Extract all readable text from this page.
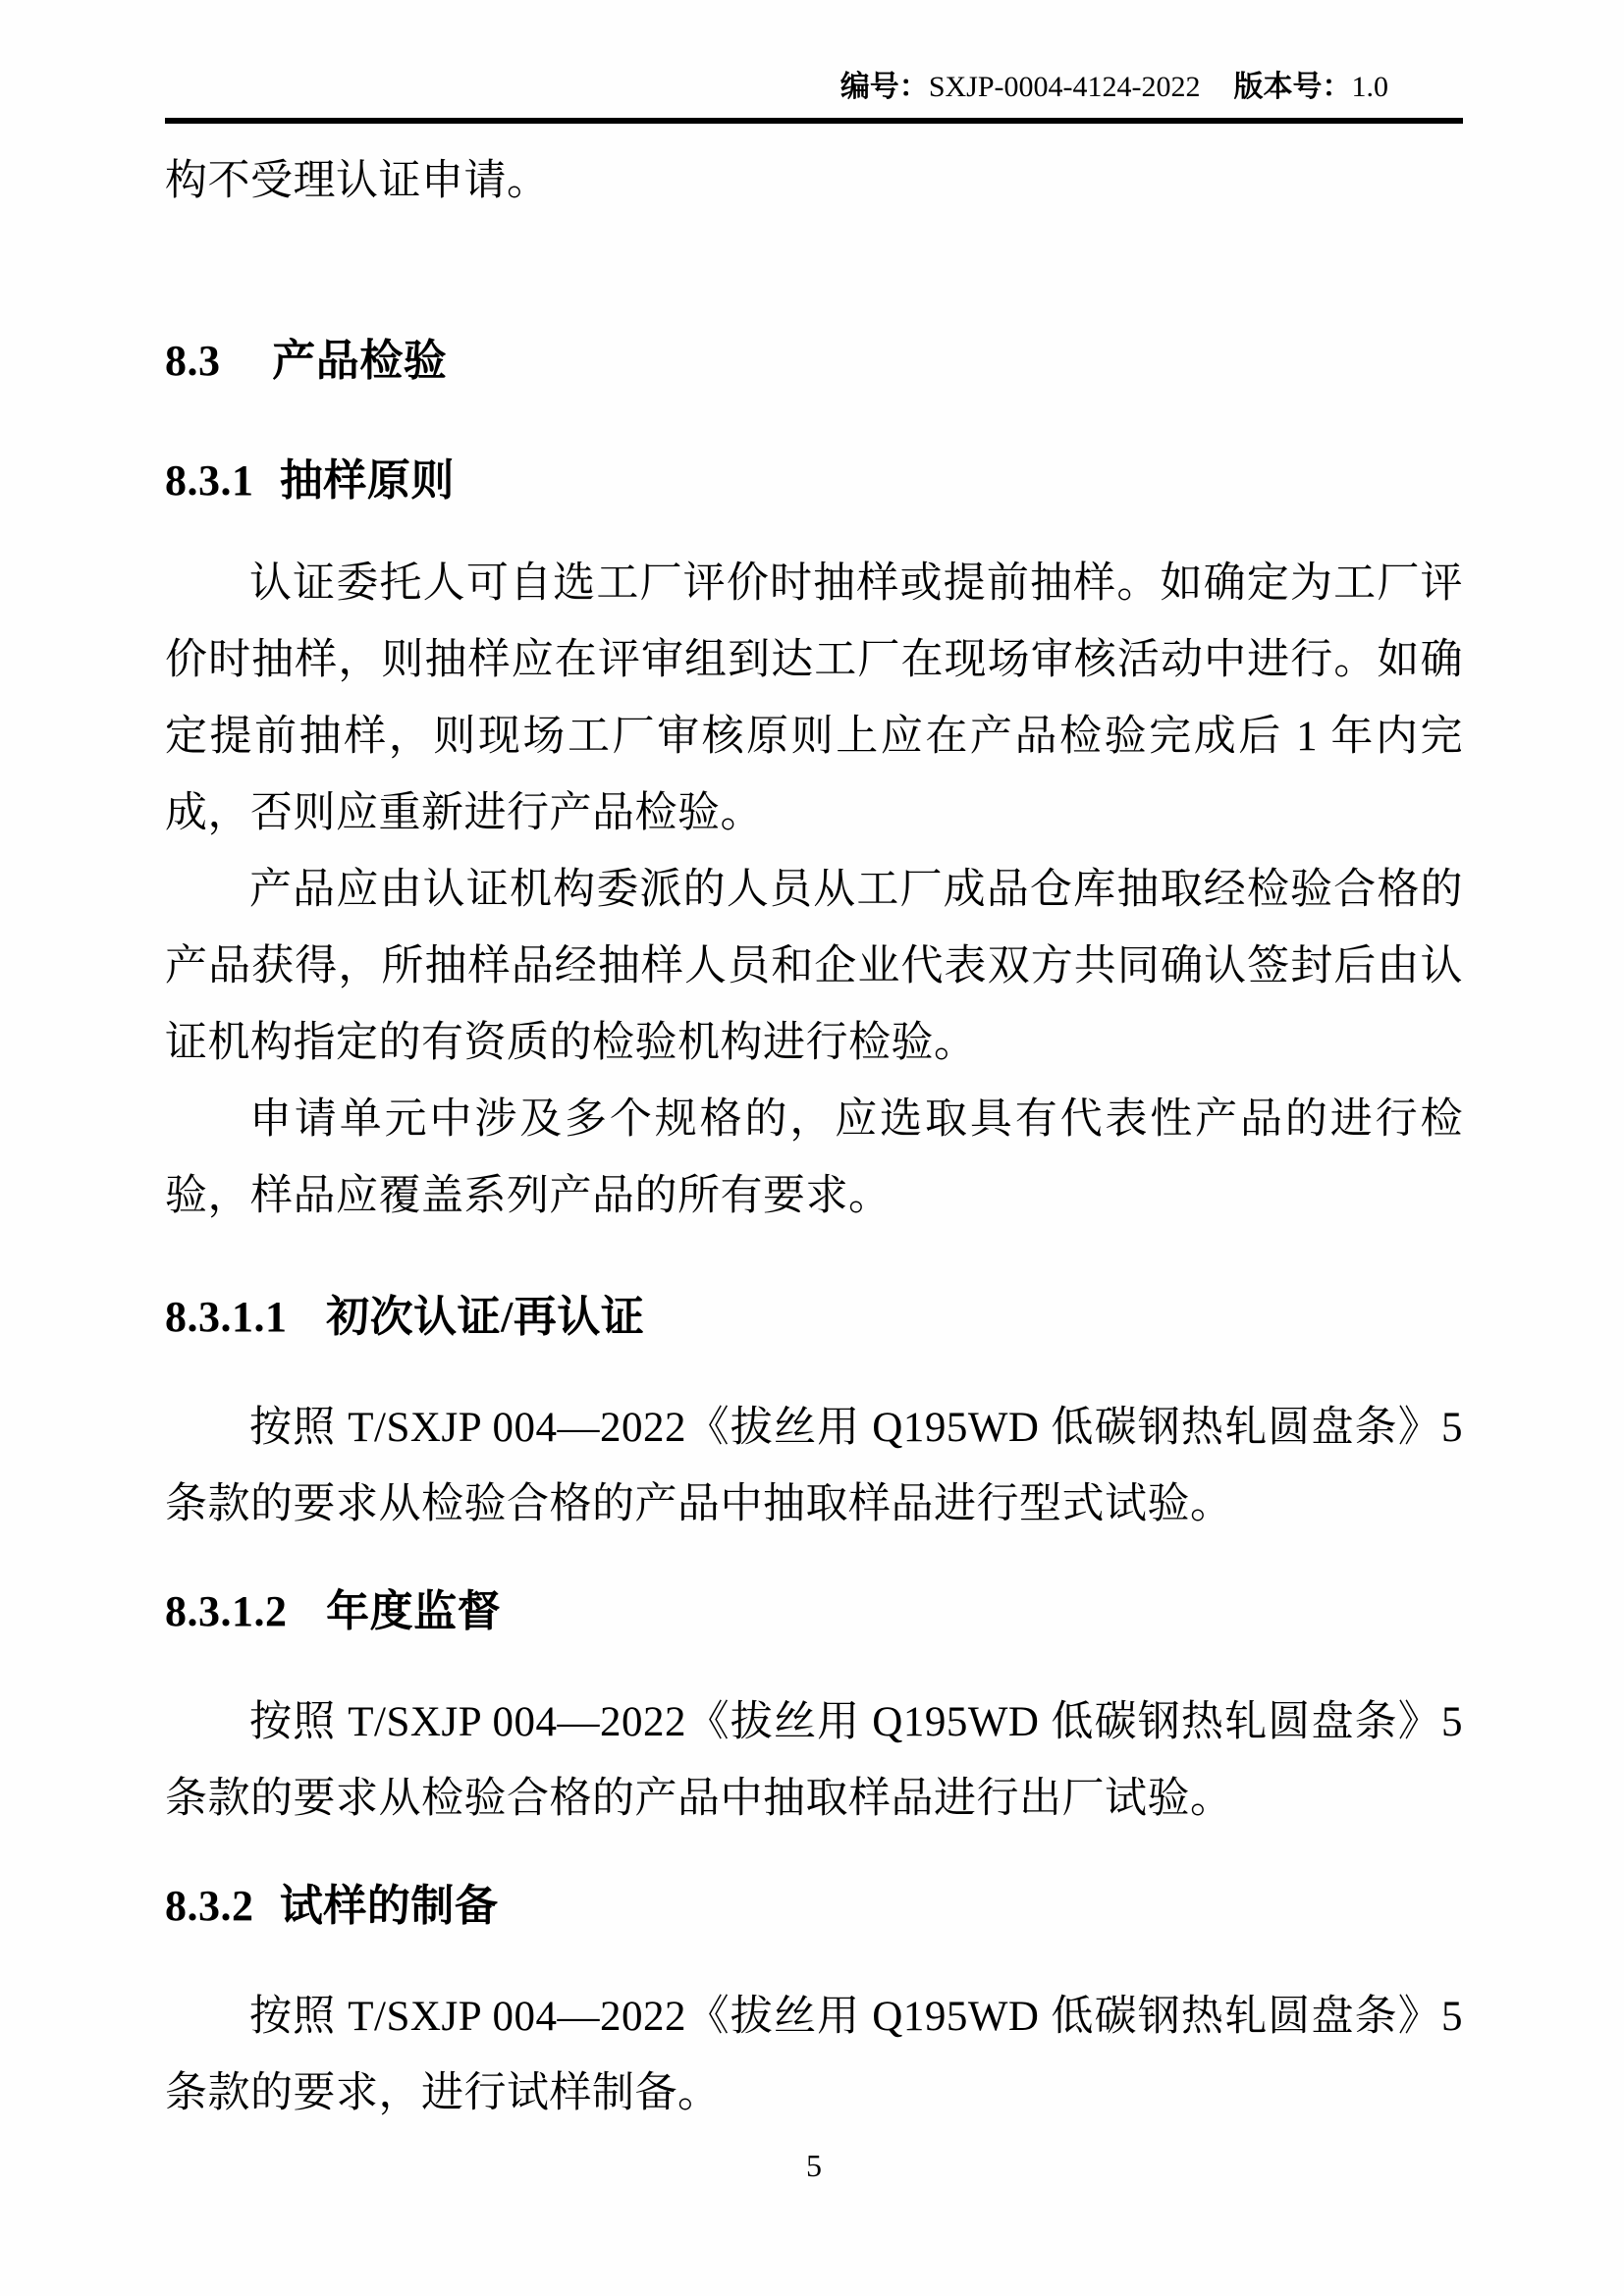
编号： SXJP-0004-4124-2022 版本号： 1.0

构不受理认证申请。

8.3 产品检验
8.3.1 抽样原则

认证委托人可自选工厂评价时抽样或提前抽样。如确定为工厂评价时抽样，则抽样应在评审组到达工厂在现场审核活动中进行。如确定提前抽样，则现场工厂审核原则上应在产品检验完成后 1 年内完成，否则应重新进行产品检验。

产品应由认证机构委派的人员从工厂成品仓库抽取经检验合格的产品获得，所抽样品经抽样人员和企业代表双方共同确认签封后由认证机构指定的有资质的检验机构进行检验。

申请单元中涉及多个规格的，应选取具有代表性产品的进行检验，样品应覆盖系列产品的所有要求。

8.3.1.1 初次认证/再认证

按照 T/SXJP 004—2022《拔丝用 Q195WD 低碳钢热轧圆盘条》5 条款的要求从检验合格的产品中抽取样品进行型式试验。

8.3.1.2 年度监督

按照 T/SXJP 004—2022《拔丝用 Q195WD 低碳钢热轧圆盘条》5 条款的要求从检验合格的产品中抽取样品进行出厂试验。

8.3.2 试样的制备

按照 T/SXJP 004—2022《拔丝用 Q195WD 低碳钢热轧圆盘条》5 条款的要求，进行试样制备。

5
